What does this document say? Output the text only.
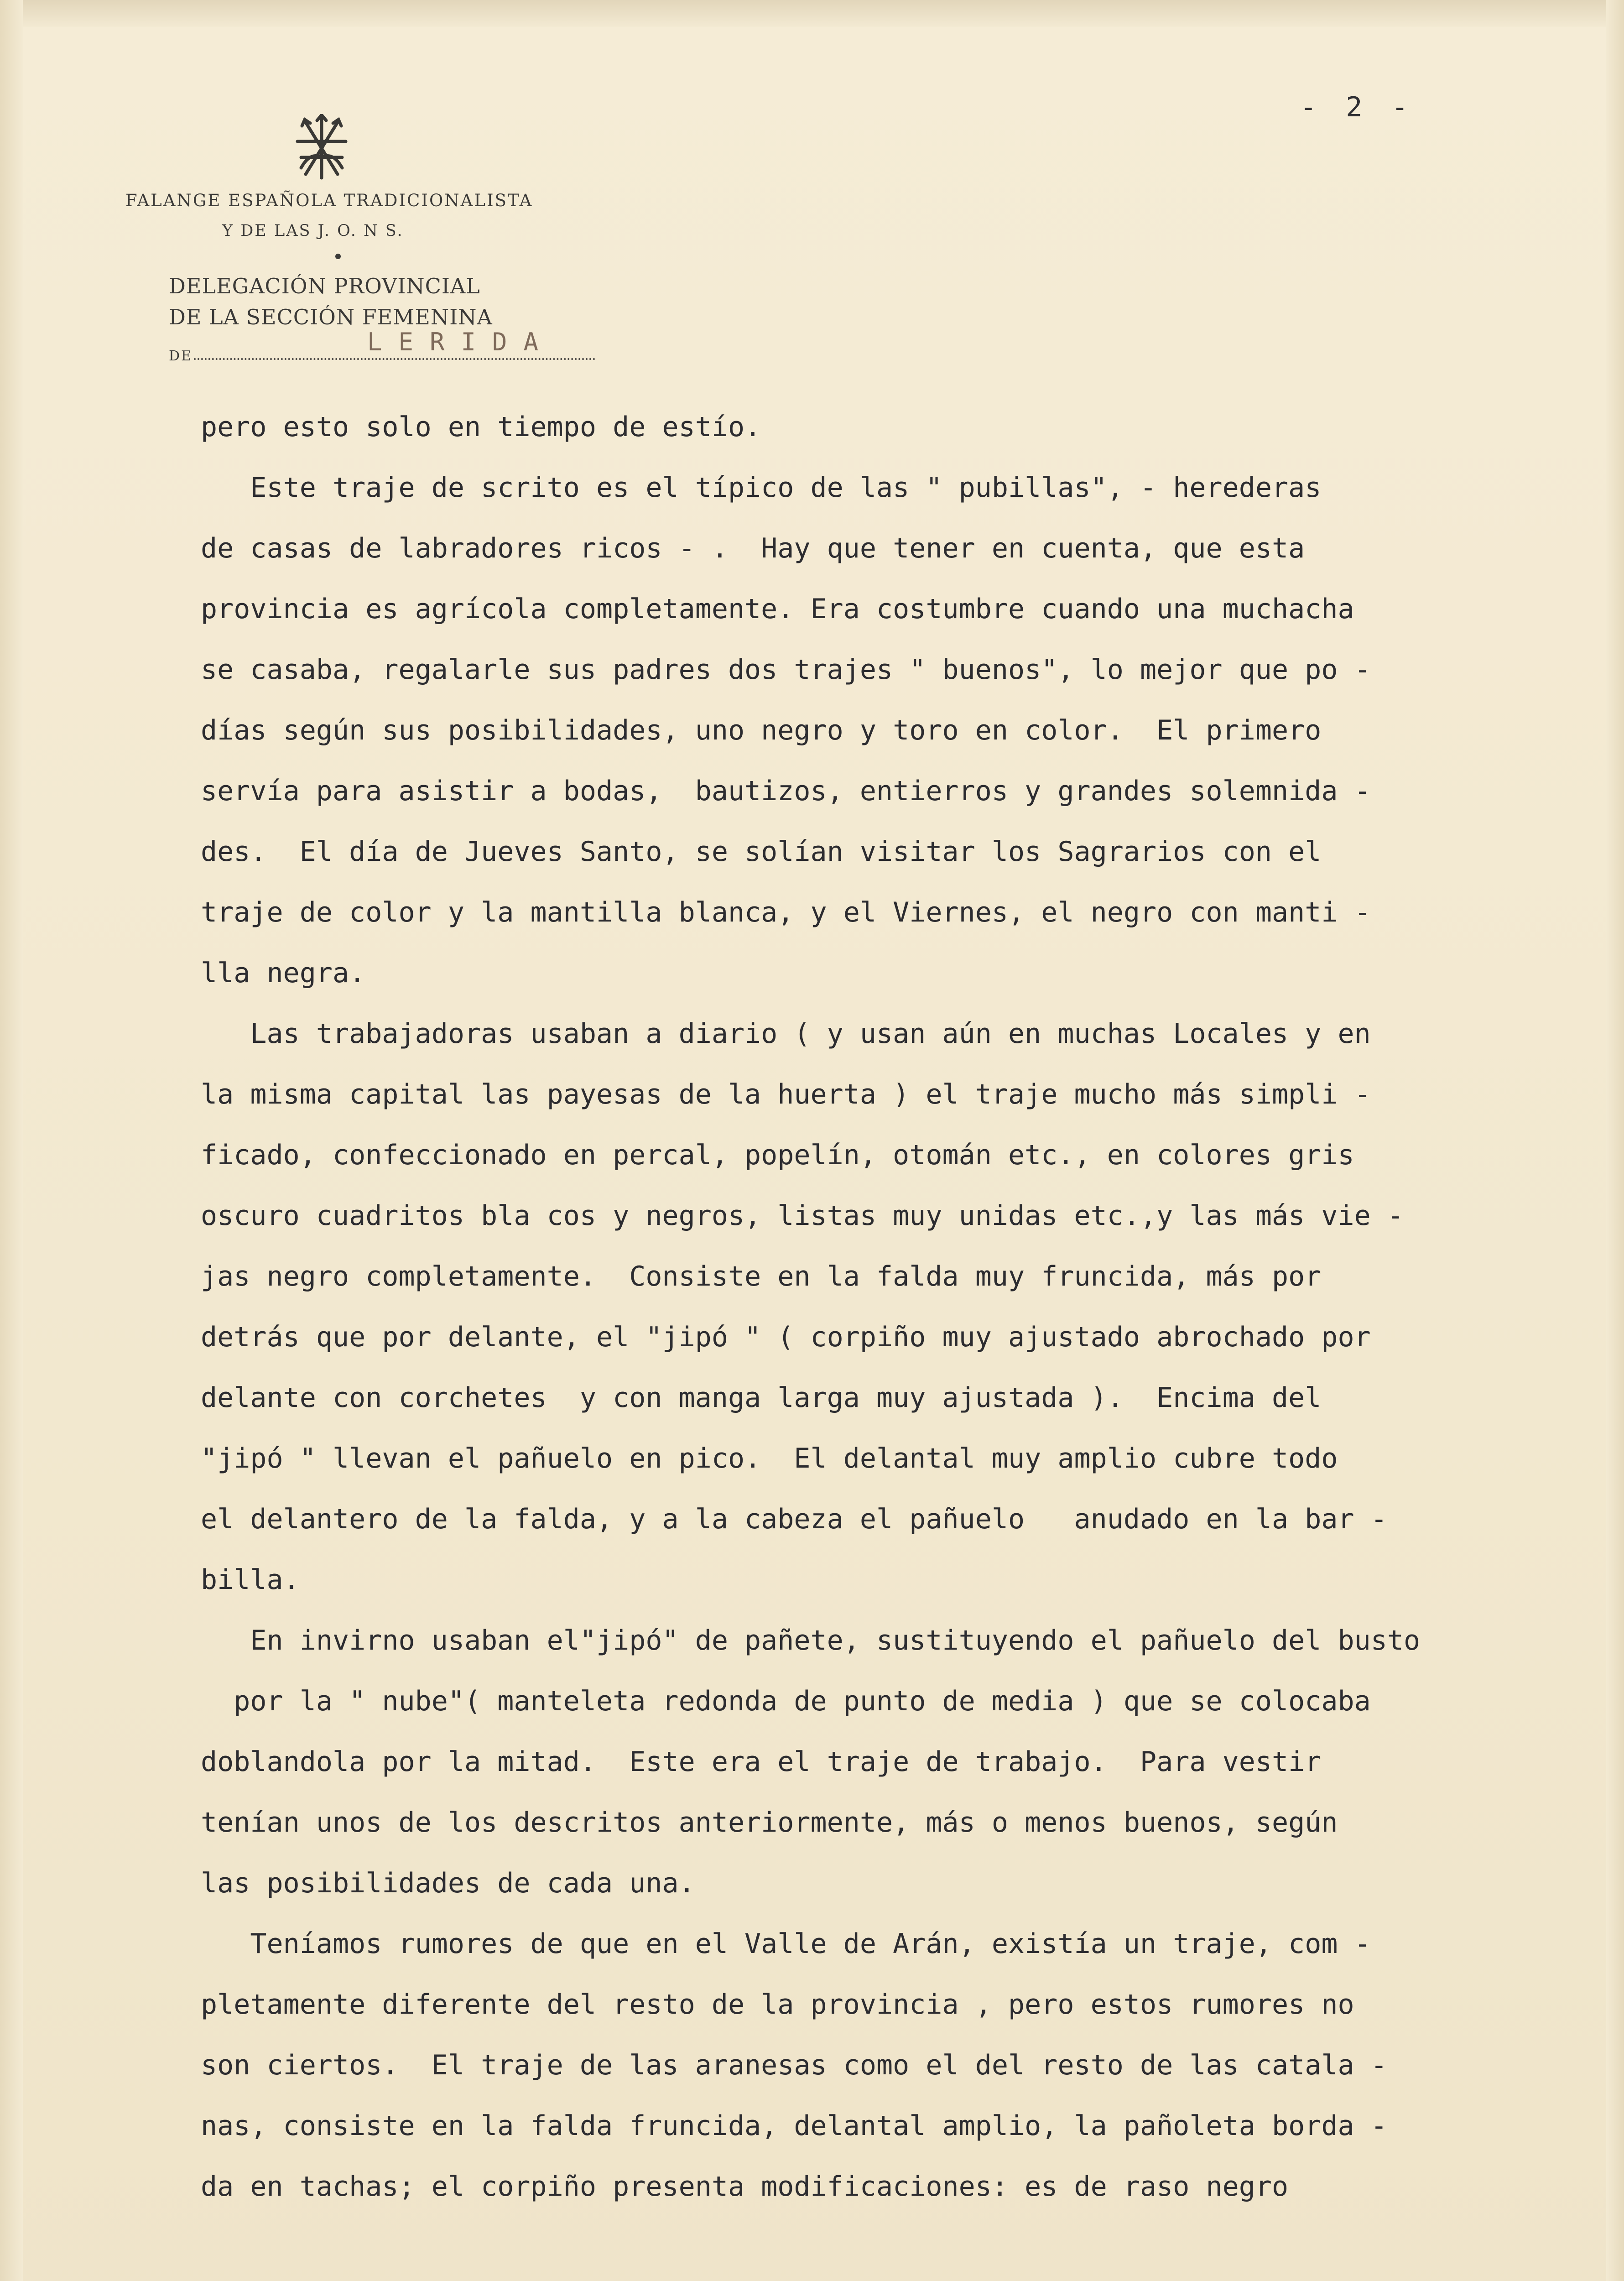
FALANGE ESPAÑOLA TRADICIONALISTA
Y DE LAS J. O. N S.
DELEGACIÓN PROVINCIAL
DE LA SECCIÓN FEMENINA
DE	LERIDA
- 2 -
pero esto solo en tiempo de estío.
Este traje de scrito es el típico de las " pubillas", - herederas
de casas de labradores ricos - .  Hay que tener en cuenta, que esta
provincia es agrícola completamente. Era costumbre cuando una muchacha
se casaba, regalarle sus padres dos trajes " buenos", lo mejor que po -
días según sus posibilidades, uno negro y toro en color.  El primero
servía para asistir a bodas,  bautizos, entierros y grandes solemnida -
des.  El día de Jueves Santo, se solían visitar los Sagrarios con el
traje de color y la mantilla blanca, y el Viernes, el negro con manti -
lla negra.
Las trabajadoras usaban a diario ( y usan aún en muchas Locales y en
la misma capital las payesas de la huerta ) el traje mucho más simpli -
ficado, confeccionado en percal, popelín, otomán etc., en colores gris
oscuro cuadritos bla cos y negros, listas muy unidas etc.,y las más vie -
jas negro completamente.  Consiste en la falda muy fruncida, más por
detrás que por delante, el "jipó " ( corpiño muy ajustado abrochado por
delante con corchetes  y con manga larga muy ajustada ).  Encima del
"jipó " llevan el pañuelo en pico.  El delantal muy amplio cubre todo
el delantero de la falda, y a la cabeza el pañuelo   anudado en la bar -
billa.
En invirno usaban el"jipó" de pañete, sustituyendo el pañuelo del busto
por la " nube"( manteleta redonda de punto de media ) que se colocaba
doblandola por la mitad.  Este era el traje de trabajo.  Para vestir
tenían unos de los descritos anteriormente, más o menos buenos, según
las posibilidades de cada una.
Teníamos rumores de que en el Valle de Arán, existía un traje, com -
pletamente diferente del resto de la provincia , pero estos rumores no
son ciertos.  El traje de las aranesas como el del resto de las catala -
nas, consiste en la falda fruncida, delantal amplio, la pañoleta borda -
da en tachas; el corpiño presenta modificaciones: es de raso negro
